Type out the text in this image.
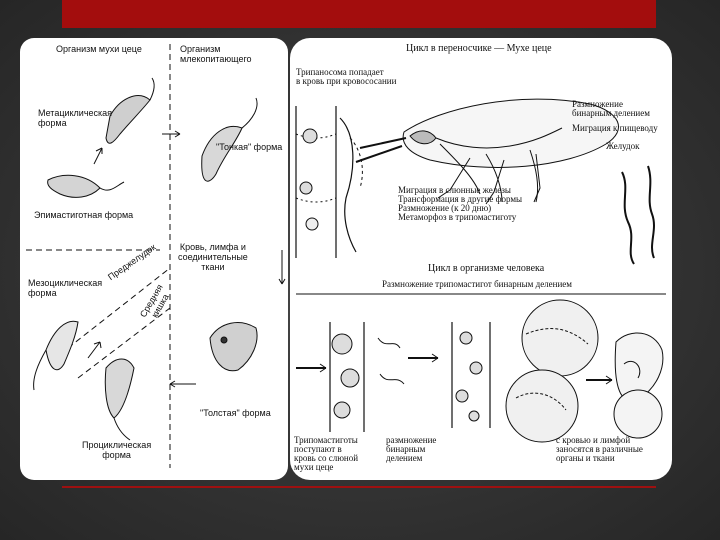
Организм мухи цеце	Организм млекопитающего
Метациклическая
форма
"Тонкая" форма
Эпимастиготная форма
Кровь, лимфа и
соединительные
ткани
Мезоциклическая
форма
Преджелудок
Средняя
кишка
"Толстая" форма
Проциклическая
форма
Цикл в переносчике — Мухе цеце
Трипаносома попадает
в кровь при кровососании
Размножение
бинарным делением
Миграция к пищеводу
Желудок
Миграция в слюнные железы
Трансформация в другие формы
Размножение (к 20 дню)
Метаморфоз в трипомастиготу
Цикл в организме человека
Размножение трипомастигот бинарным делением
Трипомастиготы
поступают в
кровь со слюной
мухи цеце
размножение
бинарным
делением
с кровью и лимфой
заносятся в различные
органы и ткани
